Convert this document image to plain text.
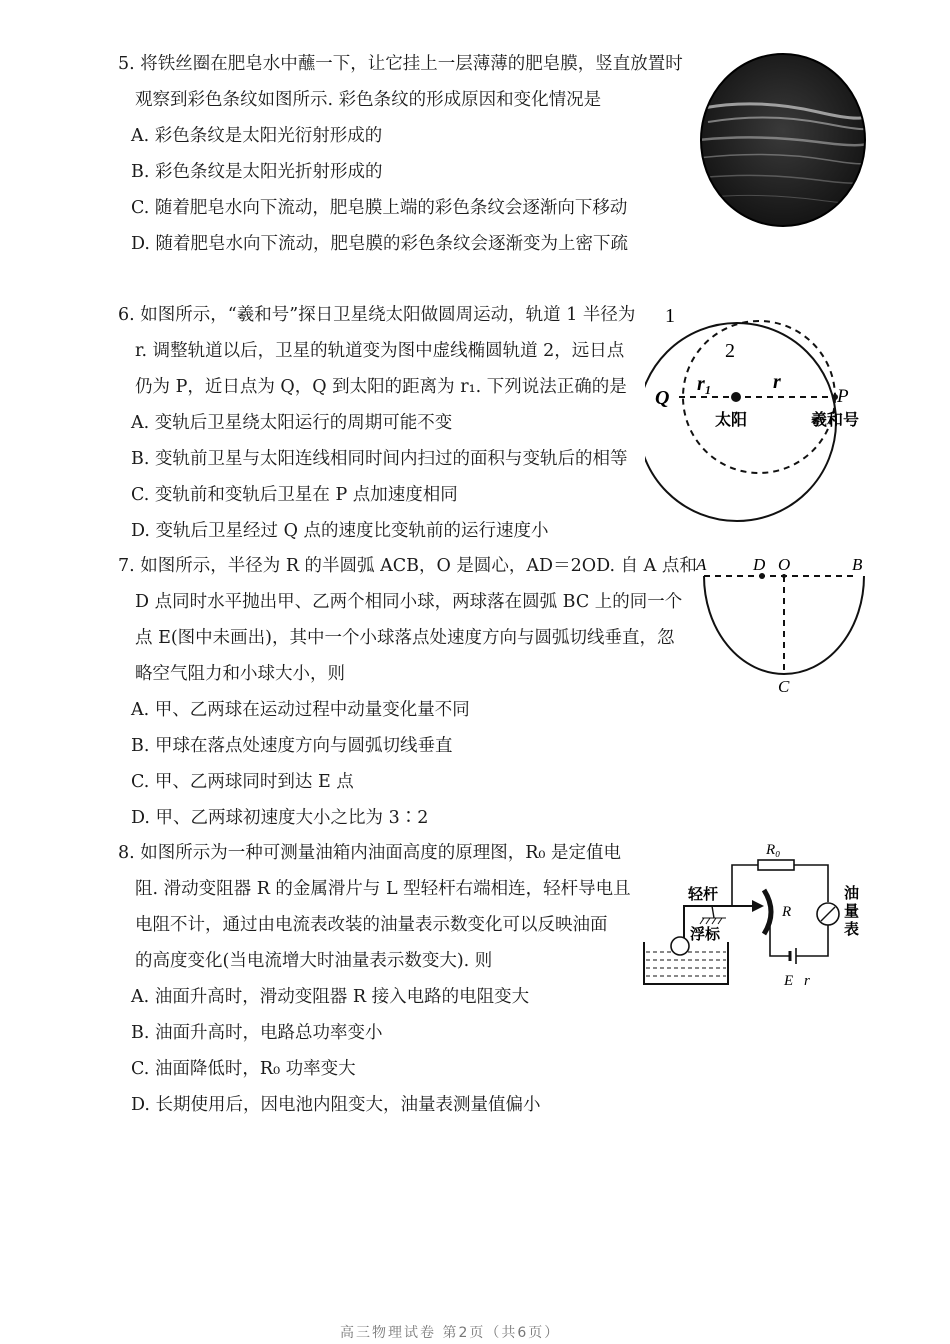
5. 将铁丝圈在肥皂水中蘸一下，让它挂上一层薄薄的肥皂膜，竖直放置时
观察到彩色条纹如图所示. 彩色条纹的形成原因和变化情况是
A. 彩色条纹是太阳光衍射形成的
B. 彩色条纹是太阳光折射形成的
C. 随着肥皂水向下流动，肥皂膜上端的彩色条纹会逐渐向下移动
D. 随着肥皂水向下流动，肥皂膜的彩色条纹会逐渐变为上密下疏
6. 如图所示，“羲和号”探日卫星绕太阳做圆周运动，轨道 1 半径为
r. 调整轨道以后，卫星的轨道变为图中虚线椭圆轨道 2，远日点
仍为 P，近日点为 Q，Q 到太阳的距离为 r₁. 下列说法正确的是
A. 变轨后卫星绕太阳运行的周期可能不变
B. 变轨前卫星与太阳连线相同时间内扫过的面积与变轨后的相等
C. 变轨前和变轨后卫星在 P 点加速度相同
D. 变轨后卫星经过 Q 点的速度比变轨前的运行速度小
1
2
Q	P
r₁	r
太阳	羲和号
7. 如图所示，半径为 R 的半圆弧 ACB，O 是圆心，AD＝2OD. 自 A 点和
D 点同时水平抛出甲、乙两个相同小球，两球落在圆弧 BC 上的同一个
点 E(图中未画出)，其中一个小球落点处速度方向与圆弧切线垂直，忽
略空气阻力和小球大小，则
A. 甲、乙两球在运动过程中动量变化量不同
B. 甲球在落点处速度方向与圆弧切线垂直
C. 甲、乙两球同时到达 E 点
D. 甲、乙两球初速度大小之比为 3∶2
A	D O	B
C
8. 如图所示为一种可测量油箱内油面高度的原理图，R₀ 是定值电
阻. 滑动变阻器 R 的金属滑片与 L 型轻杆右端相连，轻杆导电且
电阻不计，通过由电流表改装的油量表示数变化可以反映油面
的高度变化(当电流增大时油量表示数变大). 则
A. 油面升高时，滑动变阻器 R 接入电路的电阻变大
B. 油面升高时，电路总功率变小
C. 油面降低时，R₀ 功率变大
D. 长期使用后，因电池内阻变大，油量表测量值偏小
R₀
E r
R
轻杆
浮标
油
量
表
高三物理试卷 第2页（共6页）
